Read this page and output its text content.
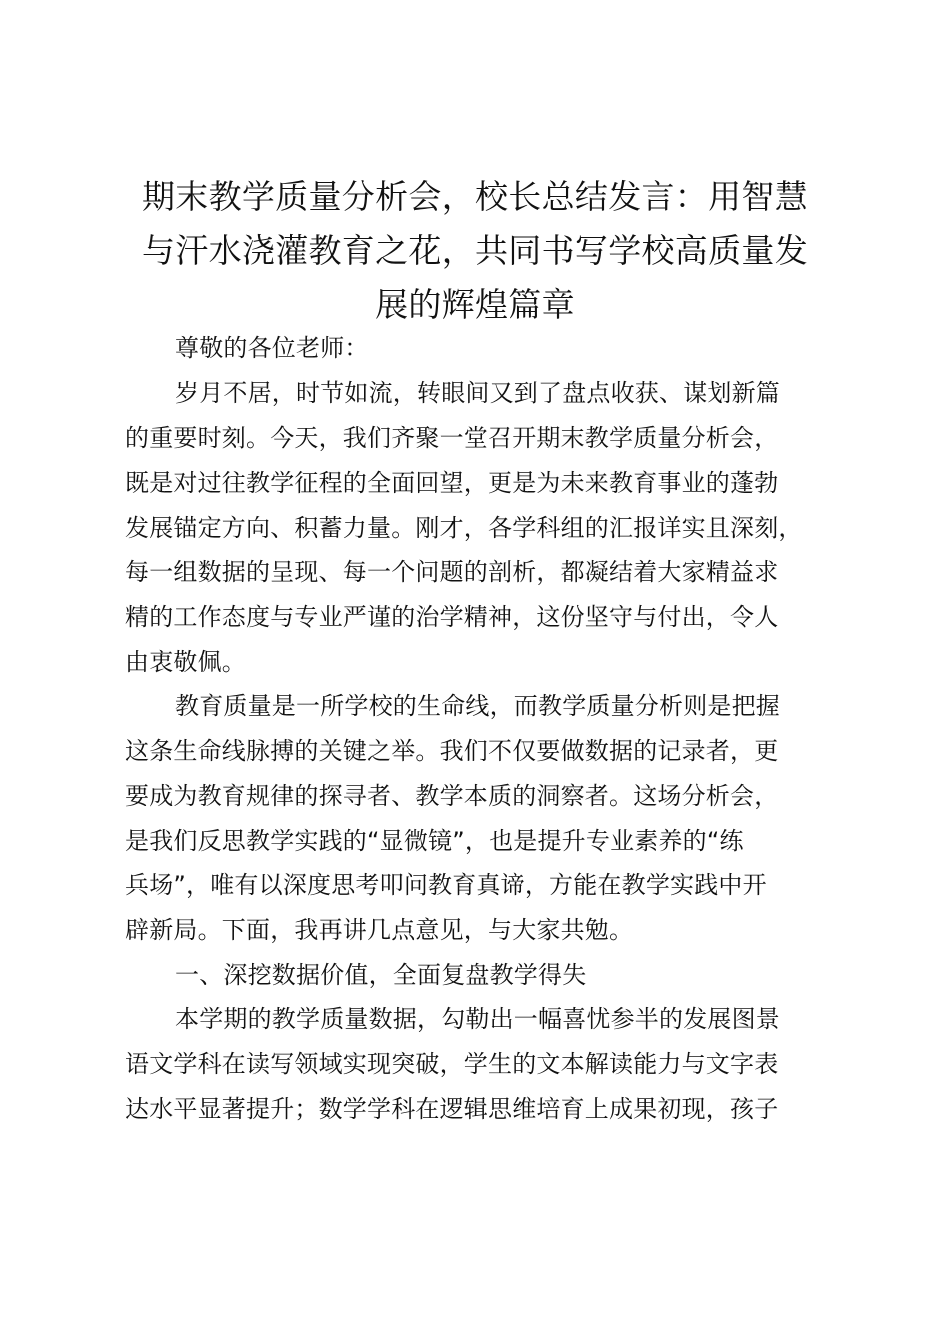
期末教学质量分析会，校长总结发言：用智慧
与汗水浇灌教育之花，共同书写学校高质量发
展的辉煌篇章

尊敬的各位老师：

岁月不居，时节如流，转眼间又到了盘点收获、谋划新篇

的重要时刻。今天，我们齐聚一堂召开期末教学质量分析会，

既是对过往教学征程的全面回望，更是为未来教育事业的蓬勃

发展锚定方向、积蓄力量。刚才，各学科组的汇报详实且深刻，

每一组数据的呈现、每一个问题的剖析，都凝结着大家精益求

精的工作态度与专业严谨的治学精神，这份坚守与付出，令人

由衷敬佩。

教育质量是一所学校的生命线，而教学质量分析则是把握

这条生命线脉搏的关键之举。我们不仅要做数据的记录者，更

要成为教育规律的探寻者、教学本质的洞察者。这场分析会，

是我们反思教学实践的“显微镜”，也是提升专业素养的“练

兵场”，唯有以深度思考叩问教育真谛，方能在教学实践中开

辟新局。下面，我再讲几点意见，与大家共勉。

一、深挖数据价值，全面复盘教学得失

本学期的教学质量数据，勾勒出一幅喜忧参半的发展图景

语文学科在读写领域实现突破，学生的文本解读能力与文字表

达水平显著提升；数学学科在逻辑思维培育上成果初现，孩子
